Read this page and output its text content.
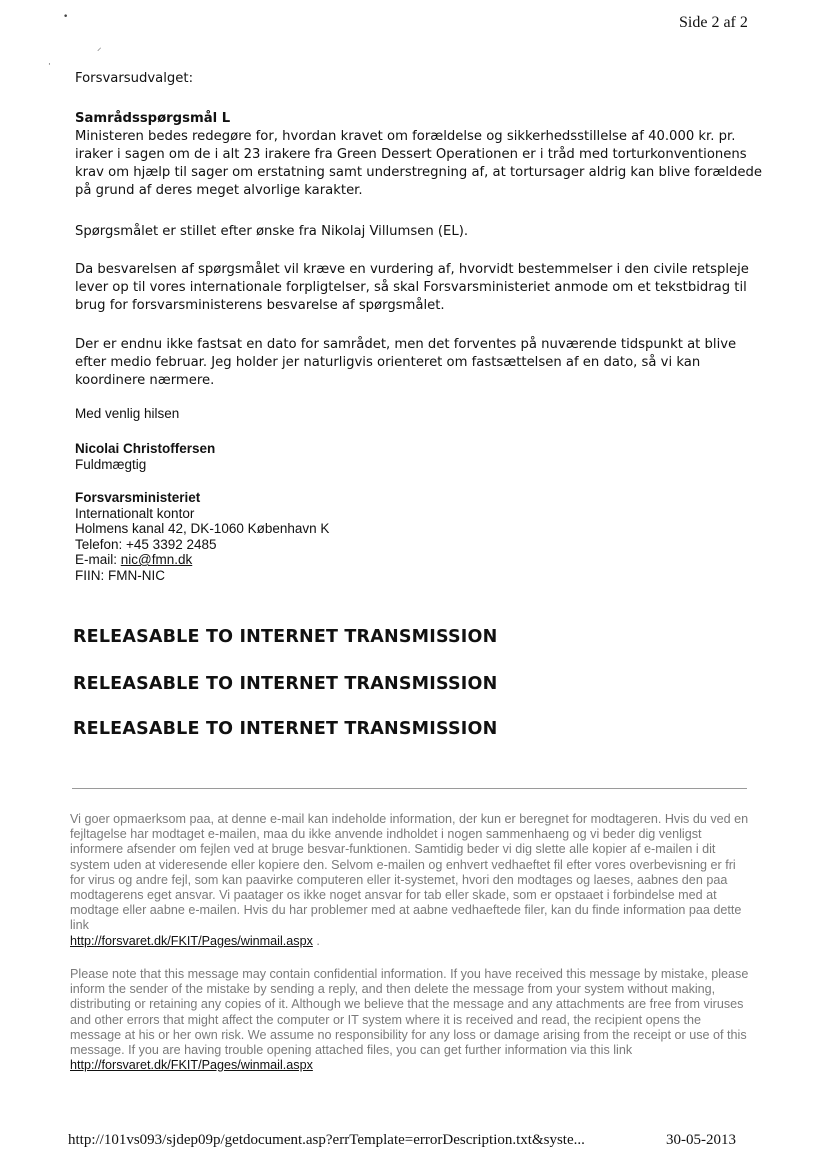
•
⸍
·
Side 2 af 2
Forsvarsudvalget:

Samrådsspørgsmål L

Ministeren bedes redegøre for, hvordan kravet om forældelse og sikkerhedsstillelse af 40.000 kr. pr. iraker i sagen om de i alt 23 irakere fra Green Dessert Operationen er i tråd med torturkonventionens krav om hjælp til sager om erstatning samt understregning af, at tortursager aldrig kan blive forældede på grund af deres meget alvorlige karakter.

Spørgsmålet er stillet efter ønske fra Nikolaj Villumsen (EL).
Da besvarelsen af spørgsmålet vil kræve en vurdering af, hvorvidt bestemmelser i den civile retspleje lever op til vores internationale forpligtelser, så skal Forsvarsministeriet anmode om et tekstbidrag til brug for forsvarsministerens besvarelse af spørgsmålet.
Der er endnu ikke fastsat en dato for samrådet, men det forventes på nuværende tidspunkt at blive efter medio februar. Jeg holder jer naturligvis orienteret om fastsættelsen af en dato, så vi kan koordinere nærmere.
Med venlig hilsen
Nicolai Christoffersen
Fuldmægtig
Forsvarsministeriet
Internationalt kontor
Holmens kanal 42, DK-1060 København K
Telefon: +45 3392 2485
E-mail: nic@fmn.dk
FIIN: FMN-NIC
RELEASABLE TO INTERNET TRANSMISSION
RELEASABLE TO INTERNET TRANSMISSION
RELEASABLE TO INTERNET TRANSMISSION
Vi goer opmaerksom paa, at denne e-mail kan indeholde information, der kun er beregnet for modtageren. Hvis du ved en fejltagelse har modtaget e-mailen, maa du ikke anvende indholdet i nogen sammenhaeng og vi beder dig venligst informere afsender om fejlen ved at bruge besvar-funktionen. Samtidig beder vi dig slette alle kopier af e-mailen i dit system uden at videresende eller kopiere den. Selvom e-mailen og enhvert vedhaeftet fil efter vores overbevisning er fri for virus og andre fejl, som kan paavirke computeren eller it-systemet, hvori den modtages og laeses, aabnes den paa modtagerens eget ansvar. Vi paatager os ikke noget ansvar for tab eller skade, som er opstaaet i forbindelse med at modtage eller aabne e-mailen. Hvis du har problemer med at aabne vedhaeftede filer, kan du finde information paa dette link
http://forsvaret.dk/FKIT/Pages/winmail.aspx .
Please note that this message may contain confidential information. If you have received this message by mistake, please inform the sender of the mistake by sending a reply, and then delete the message from your system without making, distributing or retaining any copies of it. Although we believe that the message and any attachments are free from viruses and other errors that might affect the computer or IT system where it is received and read, the recipient opens the message at his or her own risk. We assume no responsibility for any loss or damage arising from the receipt or use of this message. If you are having trouble opening attached files, you can get further information via this link http://forsvaret.dk/FKIT/Pages/winmail.aspx
http://101vs093/sjdep09p/getdocument.asp?errTemplate=errorDescription.txt&syste...	30-05-2013
